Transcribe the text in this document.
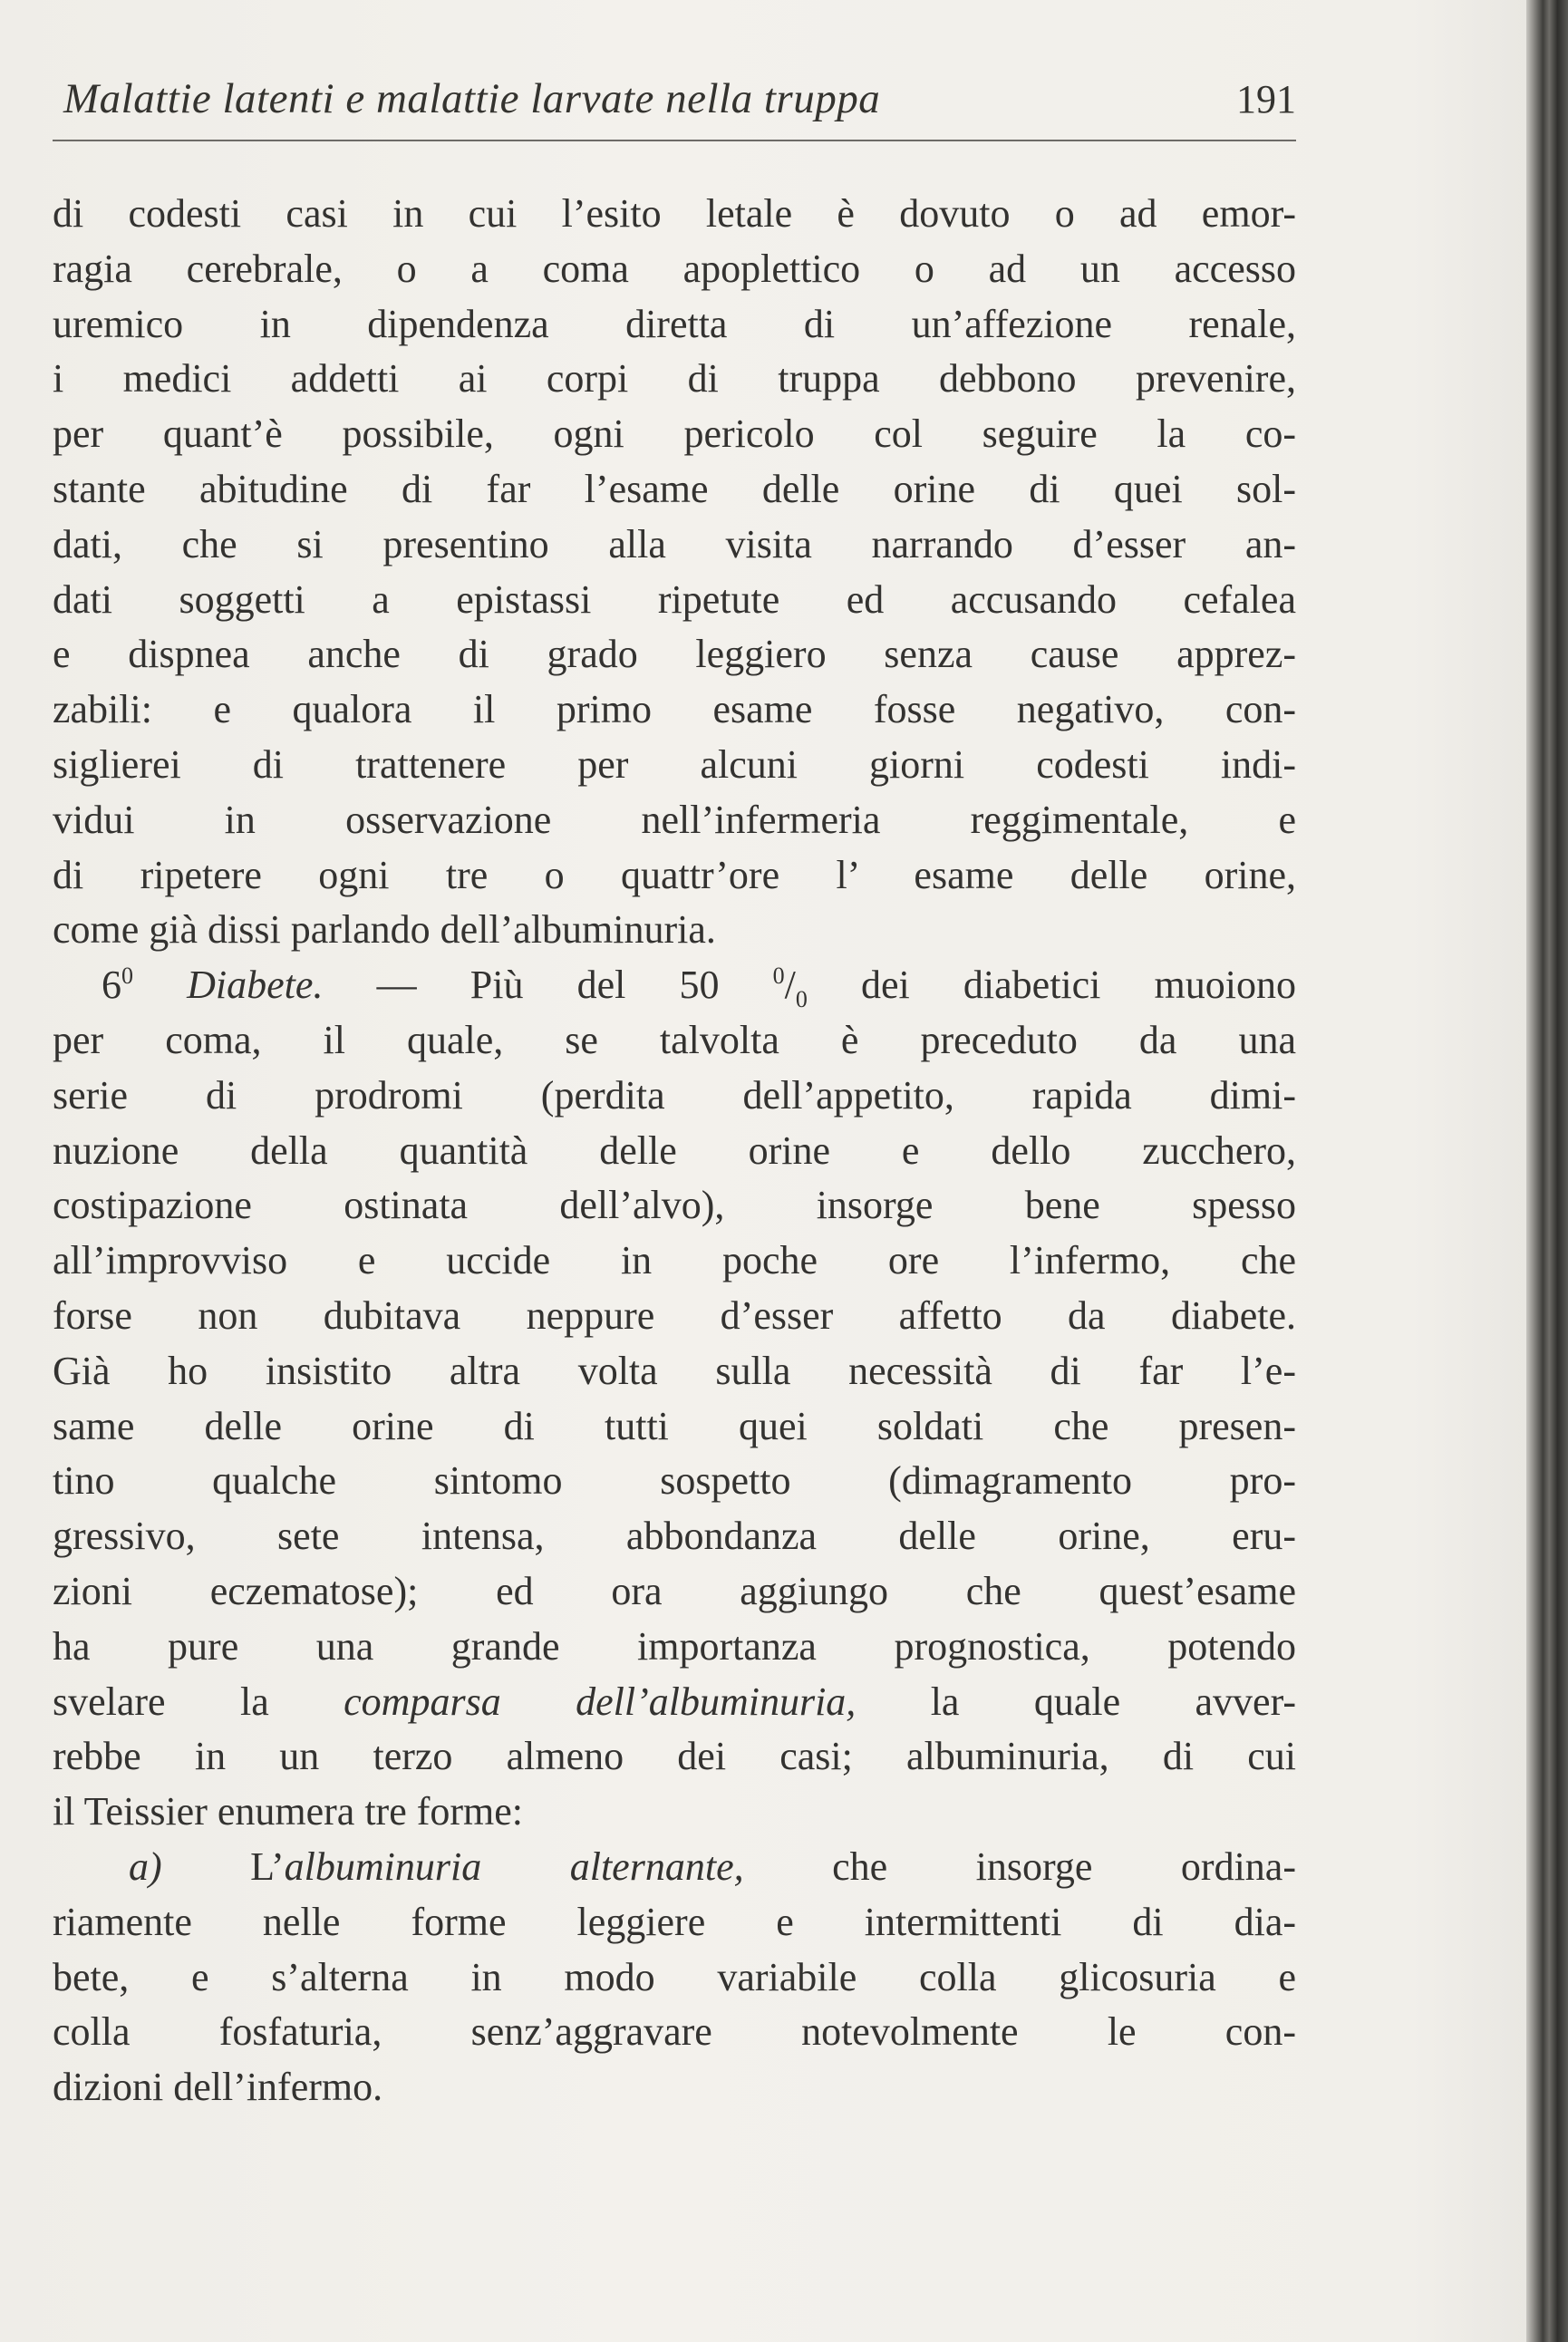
Malattie latenti e malattie larvate nella truppa	191
di codesti casi in cui l’esito letale è dovuto o ad emor-
ragia cerebrale, o a coma apoplettico o ad un accesso
uremico in dipendenza diretta di un’affezione renale,
i medici addetti ai corpi di truppa debbono prevenire,
per quant’è possibile, ogni pericolo col seguire la co-
stante abitudine di far l’esame delle orine di quei sol-
dati, che si presentino alla visita narrando d’esser an-
dati soggetti a epistassi ripetute ed accusando cefalea
e dispnea anche di grado leggiero senza cause apprez-
zabili: e qualora il primo esame fosse negativo, con-
siglierei di trattenere per alcuni giorni codesti indi-
vidui in osservazione nell’infermeria reggimentale, e
di ripetere ogni tre o quattr’ore l’ esame delle orine,
come già dissi parlando dell’albuminuria.
$6^0$ Diabete. — Più del 50 $^0/_0$ dei diabetici muoiono
per coma, il quale, se talvolta è preceduto da una
serie di prodromi (perdita dell’appetito, rapida dimi-
nuzione della quantità delle orine e dello zucchero,
costipazione ostinata dell’alvo), insorge bene spesso
all’improvviso e uccide in poche ore l’infermo, che
forse non dubitava neppure d’esser affetto da diabete.
Già ho insistito altra volta sulla necessità di far l’e-
same delle orine di tutti quei soldati che presen-
tino qualche sintomo sospetto (dimagramento pro-
gressivo, sete intensa, abbondanza delle orine, eru-
zioni eczematose); ed ora aggiungo che quest’esame
ha pure una grande importanza prognostica, potendo
svelare la comparsa dell’albuminuria, la quale avver-
rebbe in un terzo almeno dei casi; albuminuria, di cui
il Teissier enumera tre forme:
a) L’albuminuria alternante, che insorge ordina-
riamente nelle forme leggiere e intermittenti di dia-
bete, e s’alterna in modo variabile colla glicosuria e
colla fosfaturia, senz’aggravare notevolmente le con-
dizioni dell’infermo.
